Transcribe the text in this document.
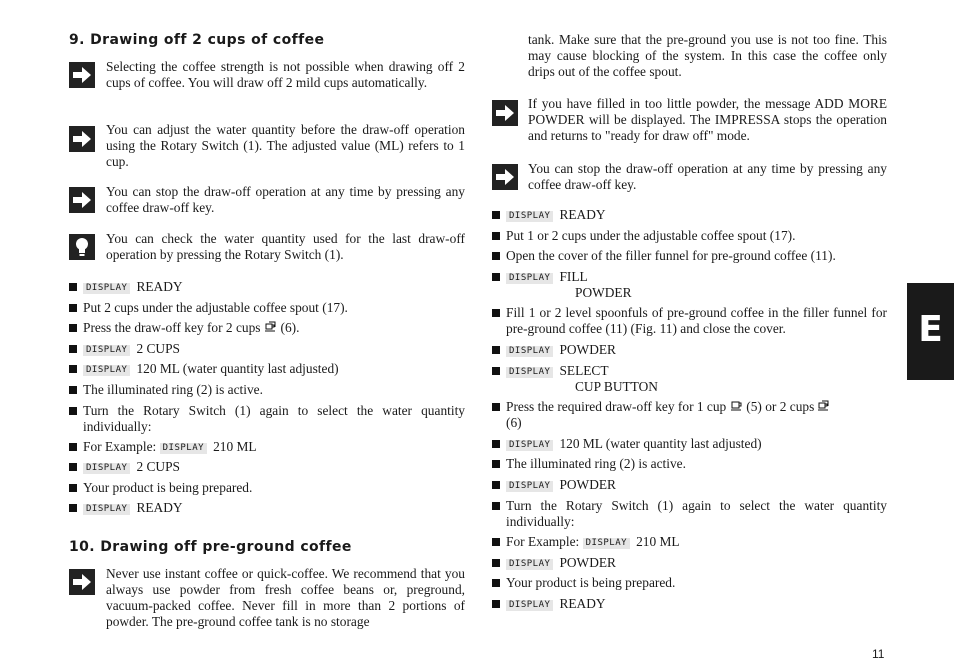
9. Drawing off 2 cups of coffee
Selecting the coffee strength is not possible when drawing off 2 cups of coffee. You will draw off 2 mild cups automatically.
You can adjust the water quantity before the draw-off operation using the Rotary Switch (1). The adjusted value (ML) refers to 1 cup.
You can stop the draw-off operation at any time by pressing any coffee draw-off key.
You can check the water quantity used for the last draw-off operation by pressing the Rotary Switch (1).
DISPLAY READY
Put 2 cups under the adjustable coffee spout (17).
Press the draw-off key for 2 cups (6).
DISPLAY 2 CUPS
DISPLAY 120 ML (water quantity last adjusted)
The illuminated ring (2) is active.
Turn the Rotary Switch (1) again to select the water quantity individually:
For Example: DISPLAY 210 ML
DISPLAY 2 CUPS
Your product is being prepared.
DISPLAY READY
10. Drawing off pre-ground coffee
Never use instant coffee or quick-coffee. We recommend that you always use powder from fresh coffee beans or, preground, vacuum-packed coffee. Never fill in more than 2 portions of powder. The pre-ground coffee tank is no storage
tank. Make sure that the pre-ground you use is not too fine. This may cause blocking of the system. In this case the coffee only drips out of the coffee spout.
If you have filled in too little powder, the message ADD MORE POWDER will be displayed. The IMPRESSA stops the operation and returns to "ready for draw off" mode.
You can stop the draw-off operation at any time by pressing any coffee draw-off key.
DISPLAY READY
Put 1 or 2 cups under the adjustable coffee spout (17).
Open the cover of the filler funnel for pre-ground coffee (11).
DISPLAY FILL
POWDER
Fill 1 or 2 level spoonfuls of pre-ground coffee in the filler funnel for pre-ground coffee (11) (Fig. 11) and close the cover.
DISPLAY POWDER
DISPLAY SELECT
CUP BUTTON
Press the required draw-off key for 1 cup (5) or 2 cups
(6)
DISPLAY 120 ML (water quantity last adjusted)
The illuminated ring (2) is active.
DISPLAY POWDER
Turn the Rotary Switch (1) again to select the water quantity individually:
For Example: DISPLAY 210 ML
DISPLAY POWDER
Your product is being prepared.
DISPLAY READY
E
11
